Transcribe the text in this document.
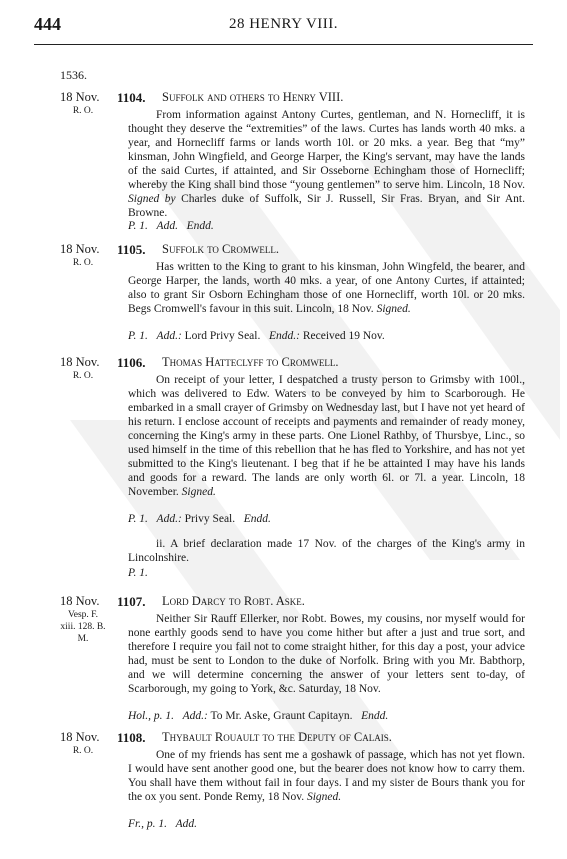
444	28 HENRY VIII.
1536.
18 Nov.
R. O.
1104. Suffolk and others to Henry VIII.
From information against Antony Curtes, gentleman, and N. Hornecliff, it is thought they deserve the “extremities” of the laws. Curtes has lands worth 40 mks. a year, and Hornecliff farms or lands worth 10l. or 20 mks. a year. Beg that “my” kinsman, John Wingfield, and George Harper, the King's servant, may have the lands of the said Curtes, if attainted, and Sir Osseborne Echingham those of Hornecliff; whereby the King shall bind those “young gentlemen” to serve him. Lincoln, 18 Nov. Signed by Charles duke of Suffolk, Sir J. Russell, Sir Fras. Bryan, and Sir Ant. Browne.
P. 1. Add. Endd.
18 Nov.
R. O.
1105. Suffolk to Cromwell.
Has written to the King to grant to his kinsman, John Wingfeld, the bearer, and George Harper, the lands, worth 40 mks. a year, of one Antony Curtes, if attainted; also to grant Sir Osborn Echingham those of one Hornecliff, worth 10l. or 20 mks. Begs Cromwell's favour in this suit. Lincoln, 18 Nov. Signed.
P. 1. Add.: Lord Privy Seal. Endd.: Received 19 Nov.
18 Nov.
R. O.
1106. Thomas Hatteclyff to Cromwell.
On receipt of your letter, I despatched a trusty person to Grimsby with 100l., which was delivered to Edw. Waters to be conveyed by him to Scarborough. He embarked in a small crayer of Grimsby on Wednesday last, but I have not yet heard of his return. I enclose account of receipts and payments and remainder of ready money, concerning the King's army in these parts. One Lionel Rathby, of Thursbye, Linc., so used himself in the time of this rebellion that he has fled to Yorkshire, and has not yet submitted to the King's lieutenant. I beg that if he be attainted I may have his lands and goods for a reward. The lands are only worth 6l. or 7l. a year. Lincoln, 18 November. Signed.
P. 1. Add.: Privy Seal. Endd.
ii. A brief declaration made 17 Nov. of the charges of the King's army in Lincolnshire.
P. 1.
18 Nov.
Vesp. F. xiii. 128. B. M.
1107. Lord Darcy to Robt. Aske.
Neither Sir Rauff Ellerker, nor Robt. Bowes, my cousins, nor myself would for none earthly goods send to have you come hither but after a just and true sort, and therefore I require you fail not to come straight hither, for this day a post, your advice had, must be sent to London to the duke of Norfolk. Bring with you Mr. Babthorp, and we will determine concerning the answer of your letters sent to-day, of Scarborough, my going to York, &c. Saturday, 18 Nov.
Hol., p. 1. Add.: To Mr. Aske, Graunt Capitayn. Endd.
18 Nov.
R. O.
1108. Thybault Rouault to the Deputy of Calais.
One of my friends has sent me a goshawk of passage, which has not yet flown. I would have sent another good one, but the bearer does not know how to carry them. You shall have them without fail in four days. I and my sister de Bours thank you for the ox you sent. Ponde Remy, 18 Nov. Signed.
Fr., p. 1. Add.
